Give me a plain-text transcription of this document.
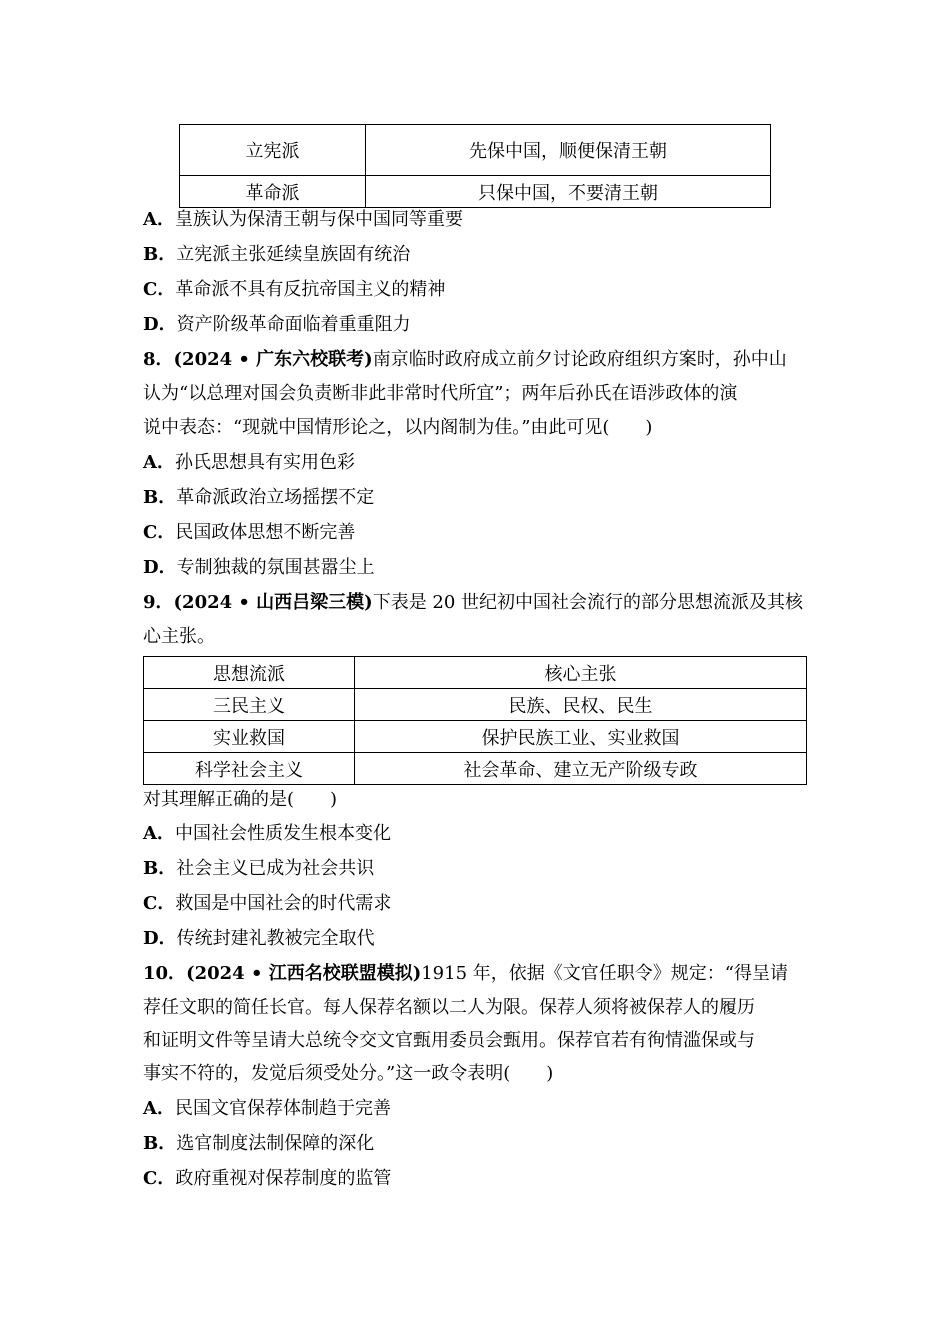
立宪派	先保中国，顺便保清王朝
革命派	只保中国，不要清王朝
A．皇族认为保清王朝与保中国同等重要
B．立宪派主张延续皇族固有统治
C．革命派不具有反抗帝国主义的精神
D．资产阶级革命面临着重重阻力
8．(2024 • 广东六校联考)南京临时政府成立前夕讨论政府组织方案时，孙中山
认为“以总理对国会负责断非此非常时代所宜”；两年后孙氏在语涉政体的演
说中表态：“现就中国情形论之，以内阁制为佳。”由此可见(　　)
A．孙氏思想具有实用色彩
B．革命派政治立场摇摆不定
C．民国政体思想不断完善
D．专制独裁的氛围甚嚣尘上
9．(2024 • 山西吕梁三模)下表是 20 世纪初中国社会流行的部分思想流派及其核
心主张。
思想流派	核心主张
三民主义	民族、民权、民生
实业救国	保护民族工业、实业救国
科学社会主义	社会革命、建立无产阶级专政
对其理解正确的是(　　)
A．中国社会性质发生根本变化
B．社会主义已成为社会共识
C．救国是中国社会的时代需求
D．传统封建礼教被完全取代
10．(2024 • 江西名校联盟模拟)1915 年，依据《文官任职令》规定：“得呈请
荐任文职的简任长官。每人保荐名额以二人为限。保荐人须将被保荐人的履历
和证明文件等呈请大总统令交文官甄用委员会甄用。保荐官若有徇情滥保或与
事实不符的，发觉后须受处分。”这一政令表明(　　)
A．民国文官保荐体制趋于完善
B．选官制度法制保障的深化
C．政府重视对保荐制度的监管
